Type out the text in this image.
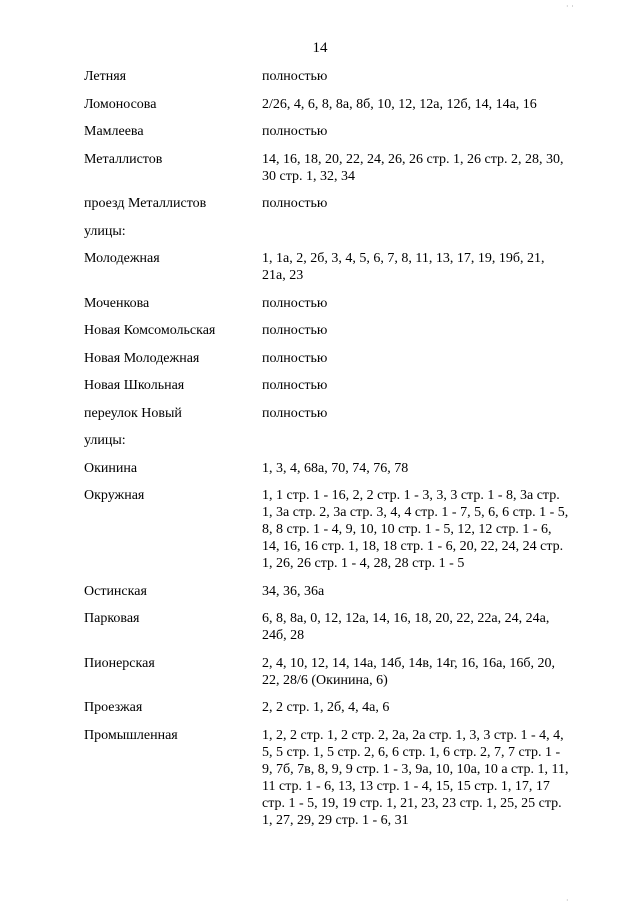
14
Летняя	полностью
Ломоносова	2/26, 4, 6, 8, 8а, 8б, 10, 12, 12а, 12б, 14, 14а, 16
Мамлеева	полностью
Металлистов	14, 16, 18, 20, 22, 24, 26, 26 стр. 1, 26 стр. 2, 28, 30,
30 стр. 1, 32, 34
проезд Металлистов	полностью
улицы:

Молодежная	1, 1а, 2, 2б, 3, 4, 5, 6, 7, 8, 11, 13, 17, 19, 19б, 21,
21а, 23
Моченкова	полностью
Новая Комсомольская	полностью
Новая Молодежная	полностью
Новая Школьная	полностью
переулок Новый	полностью
улицы:

Окинина	1, 3, 4, 68а, 70, 74, 76, 78
Окружная	1, 1 стр. 1 - 16, 2, 2 стр. 1 - 3, 3, 3 стр. 1 - 8, 3а стр.
1, 3а стр. 2, 3а стр. 3, 4, 4 стр. 1 - 7, 5, 6, 6 стр. 1 - 5,
8, 8 стр. 1 - 4, 9, 10, 10 стр. 1 - 5, 12, 12 стр. 1 - 6,
14, 16, 16 стр. 1, 18, 18 стр. 1 - 6, 20, 22, 24, 24 стр.
1, 26, 26 стр. 1 - 4, 28, 28 стр. 1 - 5
Остинская	34, 36, 36а
Парковая	6, 8, 8а, 0, 12, 12а, 14, 16, 18, 20, 22, 22а, 24, 24а,
24б, 28
Пионерская	2, 4, 10, 12, 14, 14а, 14б, 14в, 14г, 16, 16а, 16б, 20,
22, 28/6 (Окинина, 6)
Проезжая	2, 2 стр. 1, 2б, 4, 4а, 6
Промышленная	1, 2, 2 стр. 1, 2 стр. 2, 2а, 2а стр. 1, 3, 3 стр. 1 - 4, 4,
5, 5 стр. 1, 5 стр. 2, 6, 6 стр. 1, 6 стр. 2, 7, 7 стр. 1 -
9, 7б, 7в, 8, 9, 9 стр. 1 - 3, 9а, 10, 10а, 10 а стр. 1, 11,
11 стр. 1 - 6, 13, 13 стр. 1 - 4, 15, 15 стр. 1, 17, 17
стр. 1 - 5, 19, 19 стр. 1, 21, 23, 23 стр. 1, 25, 25 стр.
1, 27, 29, 29 стр. 1 - 6, 31
· ·
·
